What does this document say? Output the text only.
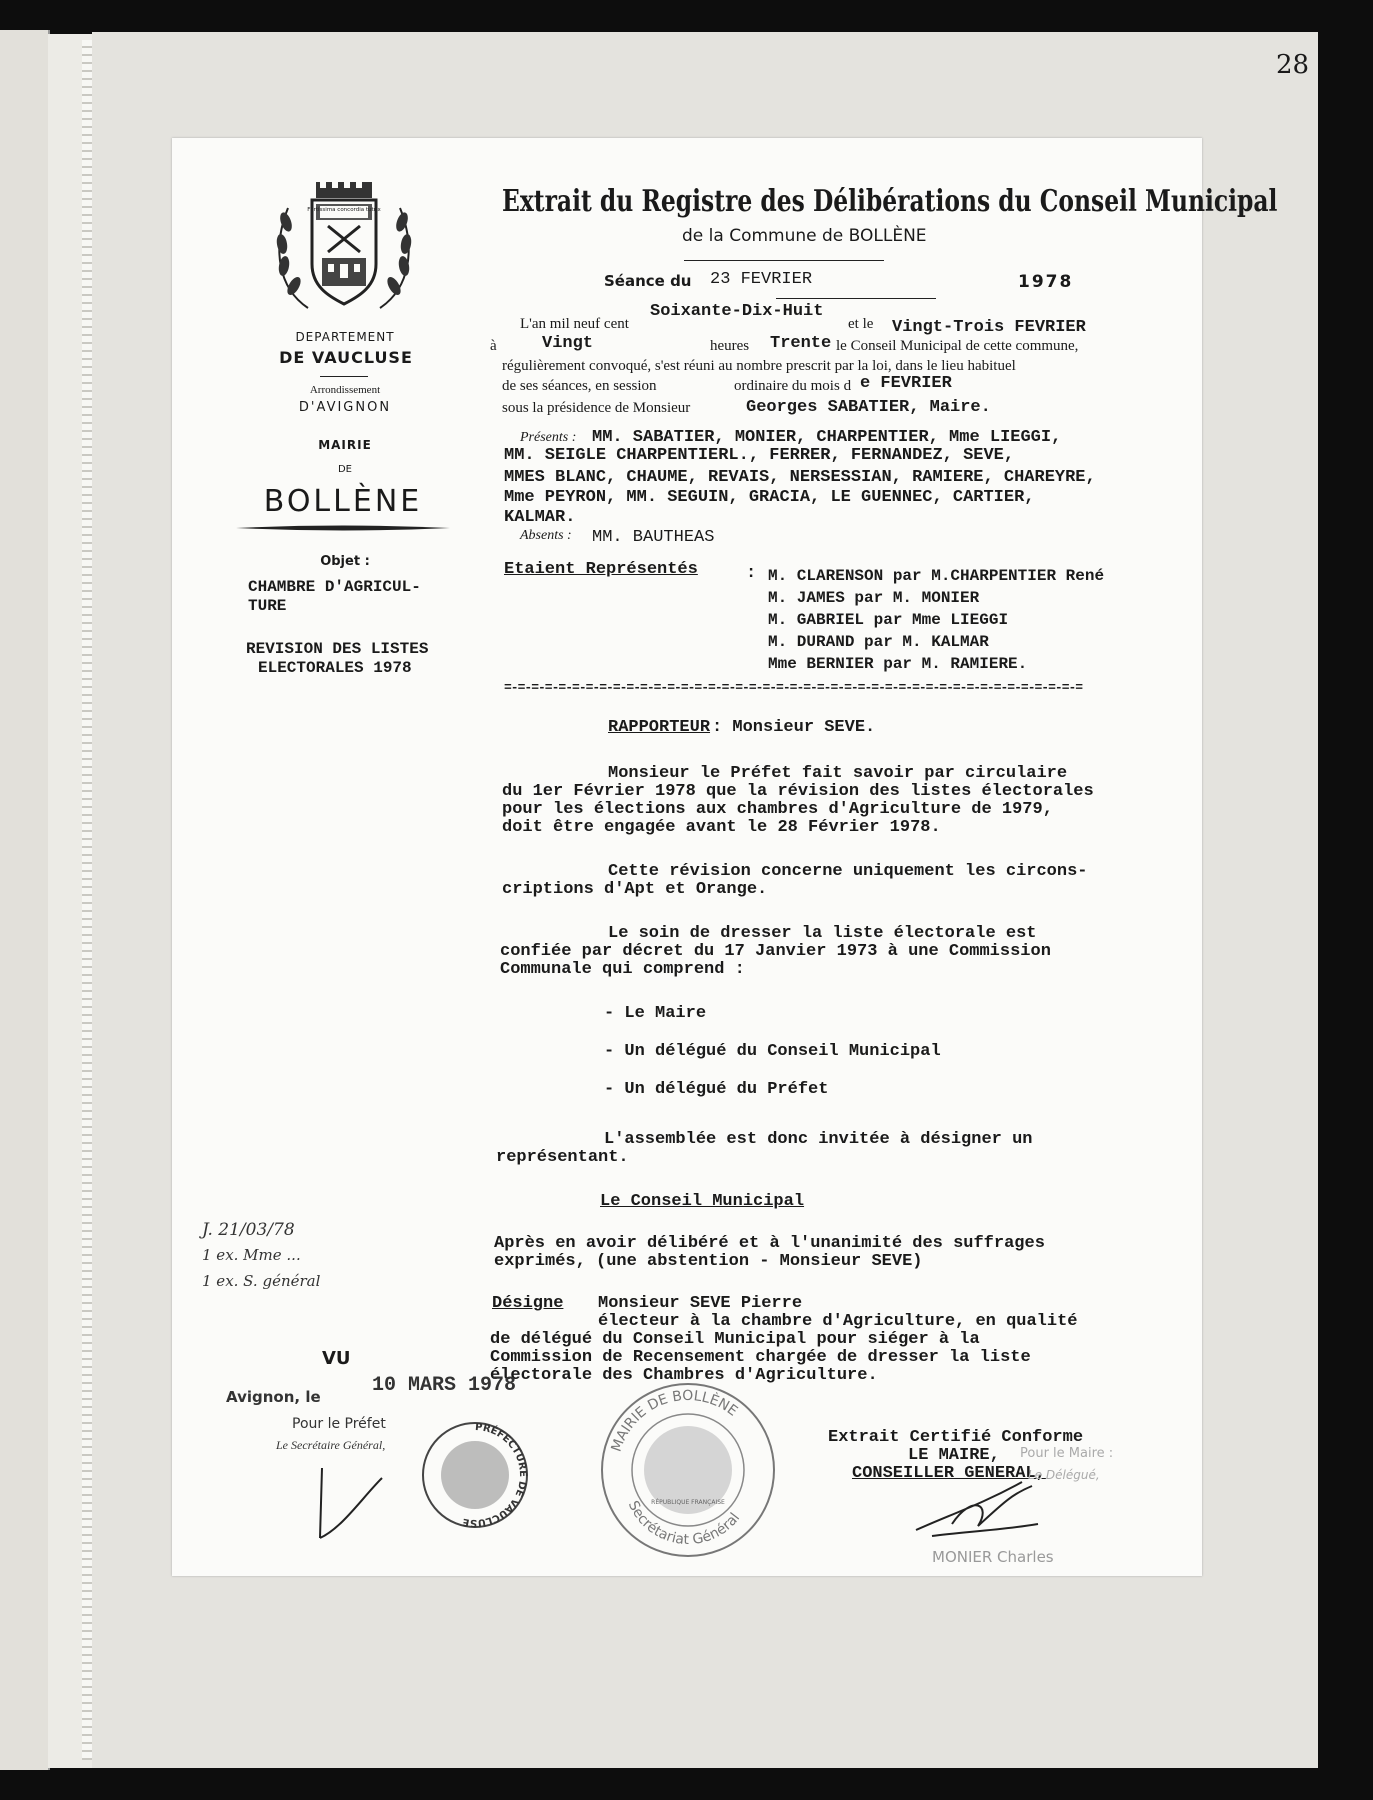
28
Fortissima concordia tutrix
DEPARTEMENT
DE VAUCLUSE
Arrondissement
D'AVIGNON
MAIRIE
DE
BOLLÈNE
Objet :
CHAMBRE D'AGRICUL-
TURE
REVISION DES LISTES
ELECTORALES 1978
Extrait du Registre des Délibérations du Conseil Municipal
de la Commune de BOLLÈNE
Séance du 23 FEVRIER	1978
L'an mil neuf cent
Soixante-Dix-Huit
et le Vingt-Trois FEVRIER
à	Vingt	heures Trente le Conseil Municipal de cette commune,
régulièrement convoqué, s'est réuni au nombre prescrit par la loi, dans le lieu habituel
de ses séances, en session	ordinaire du mois d e FEVRIER
sous la présidence de Monsieur	Georges SABATIER, Maire.
Présents : MM. SABATIER, MONIER, CHARPENTIER, Mme LIEGGI,
MM. SEIGLE CHARPENTIERL., FERRER, FERNANDEZ, SEVE,
MMES BLANC, CHAUME, REVAIS, NERSESSIAN, RAMIERE, CHAREYRE,
Mme PEYRON, MM. SEGUIN, GRACIA, LE GUENNEC, CARTIER,
KALMAR.
Absents : MM. BAUTHEAS
Etaient Représentés	: M. CLARENSON par M.CHARPENTIER René
M. JAMES par M. MONIER
M. GABRIEL par Mme LIEGGI
M. DURAND par M. KALMAR
Mme BERNIER par M. RAMIERE.
=-=-=-=-=-=-=-=-=-=-=-=-=-=-=-=-=-=-=-=-=-=-=-=-=-=-=-=-=-=-=-=-=-=-=-=-=-=-=-=-=-=-=
RAPPORTEUR : Monsieur SEVE.
Monsieur le Préfet fait savoir par circulaire
du 1er Février 1978 que la révision des listes électorales
pour les élections aux chambres d'Agriculture de 1979,
doit être engagée avant le 28 Février 1978.
Cette révision concerne uniquement les circons-
criptions d'Apt et Orange.
Le soin de dresser la liste électorale est
confiée par décret du 17 Janvier 1973 à une Commission
Communale qui comprend :
- Le Maire
- Un délégué du Conseil Municipal
- Un délégué du Préfet
L'assemblée est donc invitée à désigner un
représentant.
Le Conseil Municipal
Après en avoir délibéré et à l'unanimité des suffrages
exprimés, (une abstention - Monsieur SEVE)
Désigne Monsieur SEVE Pierre
électeur à la chambre d'Agriculture, en qualité
de délégué du Conseil Municipal pour siéger à la
Commission de Recensement chargée de dresser la liste
électorale des Chambres d'Agriculture.
J. 21/03/78
1 ex. Mme ...
1 ex. S. général
VU
Avignon, le	10 MARS 1978
Pour le Préfet
Le Secrétaire Général,
PRÉFECTURE DE VAUCLUSE
MAIRIE DE BOLLÈNE
Secrétariat Général
RÉPUBLIQUE FRANÇAISE
Extrait Certifié Conforme
LE MAIRE,
CONSEILLER GENERAL,
Pour le Maire :
Le Délégué,
MONIER Charles
